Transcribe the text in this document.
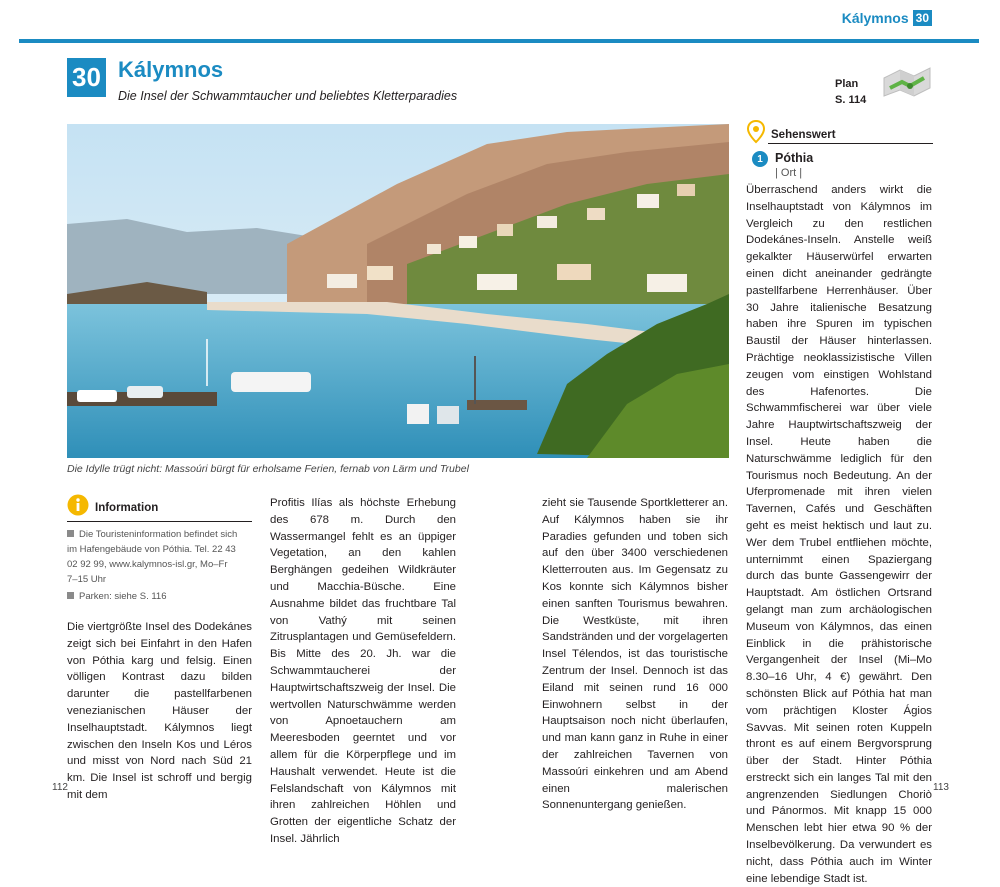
Kálymnos 30
30 Kálymnos
Die Insel der Schwammtaucher und beliebtes Kletterparadies
Plan
S. 114
Die Idylle trügt nicht: Massoúri bürgt für erholsame Ferien, fernab von Lärm und Trubel
Information

Die Touristeninformation befindet sich
im Hafengebäude von Póthia. Tel. 22 43
02 92 99, www.kalymnos-isl.gr, Mo–Fr
7–15 Uhr

Parken: siehe S. 116

Die viertgrößte Insel des Dodekánes zeigt sich bei Einfahrt in den Hafen von Póthia karg und felsig. Einen völligen Kontrast dazu bilden darunter die pastellfarbenen venezianischen Häuser der Inselhauptstadt. Kálymnos liegt zwischen den Inseln Kos und Léros und misst von Nord nach Süd 21 km. Die Insel ist schroff und bergig mit dem
Profitis Ilías als höchste Erhebung des 678 m. Durch den Wassermangel fehlt es an üppiger Vegetation, an den kahlen Berghängen gedeihen Wildkräuter und Macchia-Büsche. Eine Ausnahme bildet das fruchtbare Tal von Vathý mit seinen Zitrusplantagen und Gemüsefeldern. Bis Mitte des 20. Jh. war die Schwammtaucherei der Hauptwirtschaftszweig der Insel. Die wertvollen Naturschwämme werden von Apnoetauchern am Meeresboden geerntet und vor allem für die Körperpflege und im Haushalt verwendet. Heute ist die Felslandschaft von Kálymnos mit ihren zahlreichen Höhlen und Grotten der eigentliche Schatz der Insel. Jährlich
zieht sie Tausende Sportkletterer an. Auf Kálymnos haben sie ihr Paradies gefunden und toben sich auf den über 3400 verschiedenen Kletterrouten aus. Im Gegensatz zu Kos konnte sich Kálymnos bisher einen sanften Tourismus bewahren. Die Westküste, mit ihren Sandstränden und der vorgelagerten Insel Télendos, ist das touristische Zentrum der Insel. Dennoch ist das Eiland mit seinen rund 16 000 Einwohnern selbst in der Hauptsaison noch nicht überlaufen, und man kann ganz in Ruhe in einer der zahlreichen Tavernen von Massoúri einkehren und am Abend einen malerischen Sonnenuntergang genießen.
Sehenswert
1 Póthia
| Ort |
Überraschend anders wirkt die Inselhauptstadt von Kálymnos im Vergleich zu den restlichen Dodekánes-Inseln. Anstelle weiß gekalkter Häuserwürfel erwarten einen dicht aneinander gedrängte pastellfarbene Herrenhäuser. Über 30 Jahre italienische Besatzung haben ihre Spuren im typischen Baustil der Häuser hinterlassen. Prächtige neoklassizistische Villen zeugen vom einstigen Wohlstand des Hafenortes. Die Schwammfischerei war über viele Jahre Hauptwirtschaftszweig der Insel. Heute haben die Naturschwämme lediglich für den Tourismus noch Bedeutung. An der Uferpromenade mit ihren vielen Tavernen, Cafés und Geschäften geht es meist hektisch und laut zu. Wer dem Trubel entfliehen möchte, unternimmt einen Spaziergang durch das bunte Gassengewirr der Hauptstadt. Am östlichen Ortsrand gelangt man zum archäologischen Museum von Kálymnos, das einen Einblick in die prähistorische Vergangenheit der Insel (Mi–Mo 8.30–16 Uhr, 4 €) gewährt. Den schönsten Blick auf Póthia hat man vom prächtigen Kloster Ágios Savvas. Mit seinen roten Kuppeln thront es auf einem Bergvorsprung über der Stadt. Hinter Póthia erstreckt sich ein langes Tal mit den angrenzenden Siedlungen Choriò und Pánormos. Mit knapp 15 000 Menschen lebt hier etwa 90 % der Inselbevölkerung. Da verwundert es nicht, dass Póthia auch im Winter eine lebendige Stadt ist.
112	113
